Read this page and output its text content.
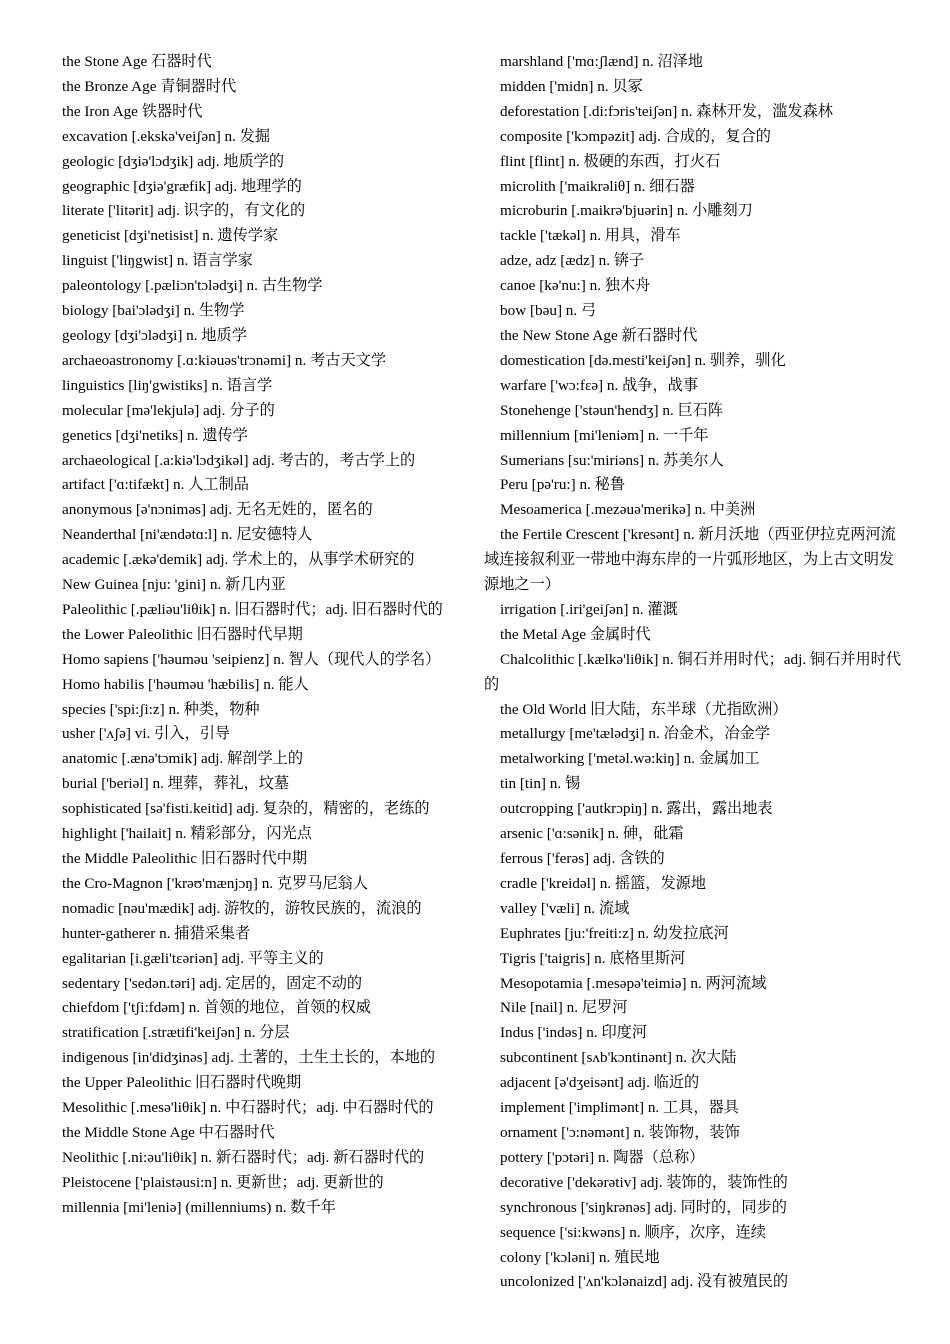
the Stone Age 石器时代
the Bronze Age 青铜器时代
the Iron Age 铁器时代
excavation [.ekskə'veiʃən] n. 发掘
geologic [dʒiə'lɔdʒik] adj. 地质学的
geographic [dʒiə'græfik] adj. 地理学的
literate ['litərit] adj. 识字的，有文化的
geneticist [dʒi'netisist] n. 遗传学家
linguist ['liŋgwist] n. 语言学家
paleontology [.pæliɔn'tɔlədʒi] n. 古生物学
biology [bai'ɔlədʒi] n. 生物学
geology [dʒi'ɔlədʒi] n. 地质学
archaeoastronomy [.ɑ:kiəuəs'trɔnəmi] n. 考古天文学
linguistics [liŋ'gwistiks] n. 语言学
molecular [mə'lekjulə] adj. 分子的
genetics [dʒi'netiks] n. 遗传学
archaeological [.a:kiə'lɔdʒikəl] adj. 考古的，考古学上的
artifact ['ɑ:tifækt] n. 人工制品
anonymous [ə'nɔniməs] adj. 无名无姓的，匿名的
Neanderthal [ni'ændətɑ:l] n. 尼安德特人
academic [.ækə'demik] adj. 学术上的，从事学术研究的
New Guinea [nju: 'gini] n. 新几内亚
Paleolithic [.pæliəu'liθik] n. 旧石器时代；adj. 旧石器时代的
the Lower Paleolithic 旧石器时代早期
Homo sapiens ['həuməu 'seipienz] n. 智人（现代人的学名）
Homo habilis ['həuməu 'hæbilis] n. 能人
species ['spi:ʃi:z] n. 种类，物种
usher ['ʌʃə] vi. 引入，引导
anatomic [.ænə'tɔmik] adj. 解剖学上的
burial ['beriəl] n. 埋葬，葬礼，坟墓
sophisticated [sə'fisti.keitid] adj. 复杂的，精密的，老练的
highlight ['hailait] n. 精彩部分，闪光点
the Middle Paleolithic 旧石器时代中期
the Cro-Magnon ['krəʊ'mænjɔŋ] n. 克罗马尼翁人
nomadic [nəu'mædik] adj. 游牧的，游牧民族的，流浪的
hunter-gatherer n. 捕猎采集者
egalitarian [i.gæli'tɛəriən] adj. 平等主义的
sedentary ['sedən.təri] adj. 定居的，固定不动的
chiefdom ['tʃi:fdəm] n. 首领的地位，首领的权威
stratification [.strætifi'keiʃən] n. 分层
indigenous [in'didʒinəs] adj. 土著的，土生土长的，本地的
the Upper Paleolithic 旧石器时代晚期
Mesolithic [.mesə'liθik] n. 中石器时代；adj. 中石器时代的
the Middle Stone Age 中石器时代
Neolithic [.ni:əu'liθik] n. 新石器时代；adj. 新石器时代的
Pleistocene ['plaistəusi:n] n. 更新世；adj. 更新世的
millennia [mi'leniə] (millenniums) n. 数千年
marshland ['mɑ:ʃlænd] n. 沼泽地
midden ['midn] n. 贝冢
deforestation [.di:fɔris'teiʃən] n. 森林开发，滥发森林
composite ['kɔmpəzit] adj. 合成的，复合的
flint [flint] n. 极硬的东西，打火石
microlith ['maikrəliθ] n. 细石器
microburin [.maikrə'bjuərin] n. 小雕刻刀
tackle ['tækəl] n. 用具，滑车
adze, adz [ædz] n. 锛子
canoe [kə'nu:] n. 独木舟
bow [bəu] n. 弓
the New Stone Age 新石器时代
domestication [də.mesti'keiʃən] n. 驯养，驯化
warfare ['wɔ:fɛə] n. 战争，战事
Stonehenge ['stəun'hendʒ] n. 巨石阵
millennium [mi'leniəm] n. 一千年
Sumerians [su:'miriəns] n. 苏美尔人
Peru [pə'ru:] n. 秘鲁
Mesoamerica [.mezəuə'merikə] n. 中美洲
the Fertile Crescent ['kresənt] n. 新月沃地（西亚伊拉克两河流域连接叙利亚一带地中海东岸的一片弧形地区，为上古文明发源地之一）
irrigation [.iri'geiʃən] n. 灌溉
the Metal Age 金属时代
Chalcolithic [.kælkə'liθik] n. 铜石并用时代；adj. 铜石并用时代的
the Old World 旧大陆，东半球（尤指欧洲）
metallurgy [me'tælədʒi] n. 冶金术，冶金学
metalworking ['metəl.wə:kiŋ] n. 金属加工
tin [tin] n. 锡
outcropping ['autkrɔpiŋ] n. 露出，露出地表
arsenic ['ɑ:sənik] n. 砷，砒霜
ferrous ['ferəs] adj. 含铁的
cradle ['kreidəl] n. 摇篮，发源地
valley ['væli] n. 流域
Euphrates [ju:'freiti:z] n. 幼发拉底河
Tigris ['taigris] n. 底格里斯河
Mesopotamia [.mesəpə'teimiə] n. 两河流域
Nile [nail] n. 尼罗河
Indus ['indəs] n. 印度河
subcontinent [sʌb'kɔntinənt] n. 次大陆
adjacent [ə'dʒeisənt] adj. 临近的
implement ['implimənt] n. 工具，器具
ornament ['ɔ:nəmənt] n. 装饰物，装饰
pottery ['pɔtəri] n. 陶器（总称）
decorative ['dekərətiv] adj. 装饰的，装饰性的
synchronous ['siŋkrənəs] adj. 同时的，同步的
sequence ['si:kwəns] n. 顺序，次序，连续
colony ['kɔləni] n. 殖民地
uncolonized ['ʌn'kɔlənaizd] adj. 没有被殖民的
